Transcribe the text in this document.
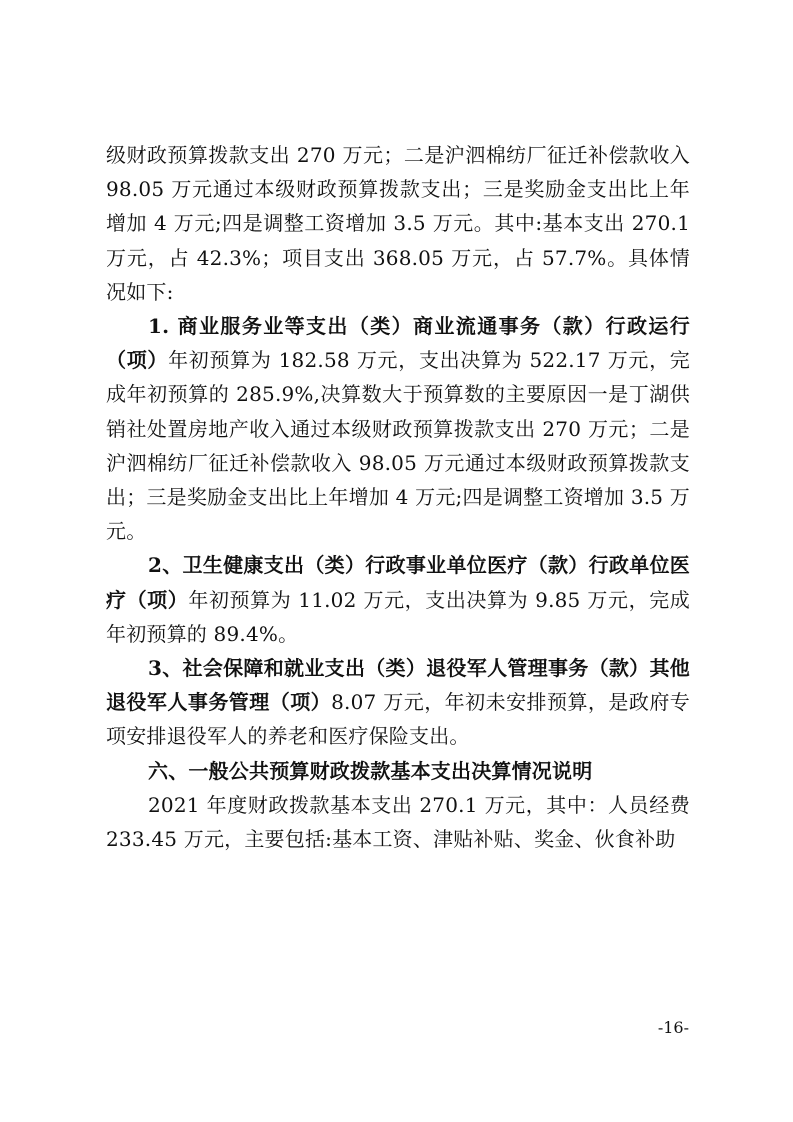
级财政预算拨款支出 270 万元；二是沪泗棉纺厂征迁补偿款收入 98.05 万元通过本级财政预算拨款支出；三是奖励金支出比上年增加 4 万元;四是调整工资增加 3.5 万元。其中:基本支出 270.1 万元，占 42.3%；项目支出 368.05 万元，占 57.7%。具体情况如下:

1. 商业服务业等支出（类）商业流通事务（款）行政运行（项）年初预算为 182.58 万元，支出决算为 522.17 万元，完成年初预算的 285.9%,决算数大于预算数的主要原因一是丁湖供销社处置房地产收入通过本级财政预算拨款支出 270 万元；二是沪泗棉纺厂征迁补偿款收入 98.05 万元通过本级财政预算拨款支出；三是奖励金支出比上年增加 4 万元;四是调整工资增加 3.5 万元。

2、卫生健康支出（类）行政事业单位医疗（款）行政单位医疗（项）年初预算为 11.02 万元，支出决算为 9.85 万元，完成年初预算的 89.4%。

3、社会保障和就业支出（类）退役军人管理事务（款）其他退役军人事务管理（项）8.07 万元，年初未安排预算，是政府专项安排退役军人的养老和医疗保险支出。

六、一般公共预算财政拨款基本支出决算情况说明

2021 年度财政拨款基本支出 270.1 万元，其中：人员经费 233.45 万元，主要包括:基本工资、津贴补贴、奖金、伙食补助

-16-
